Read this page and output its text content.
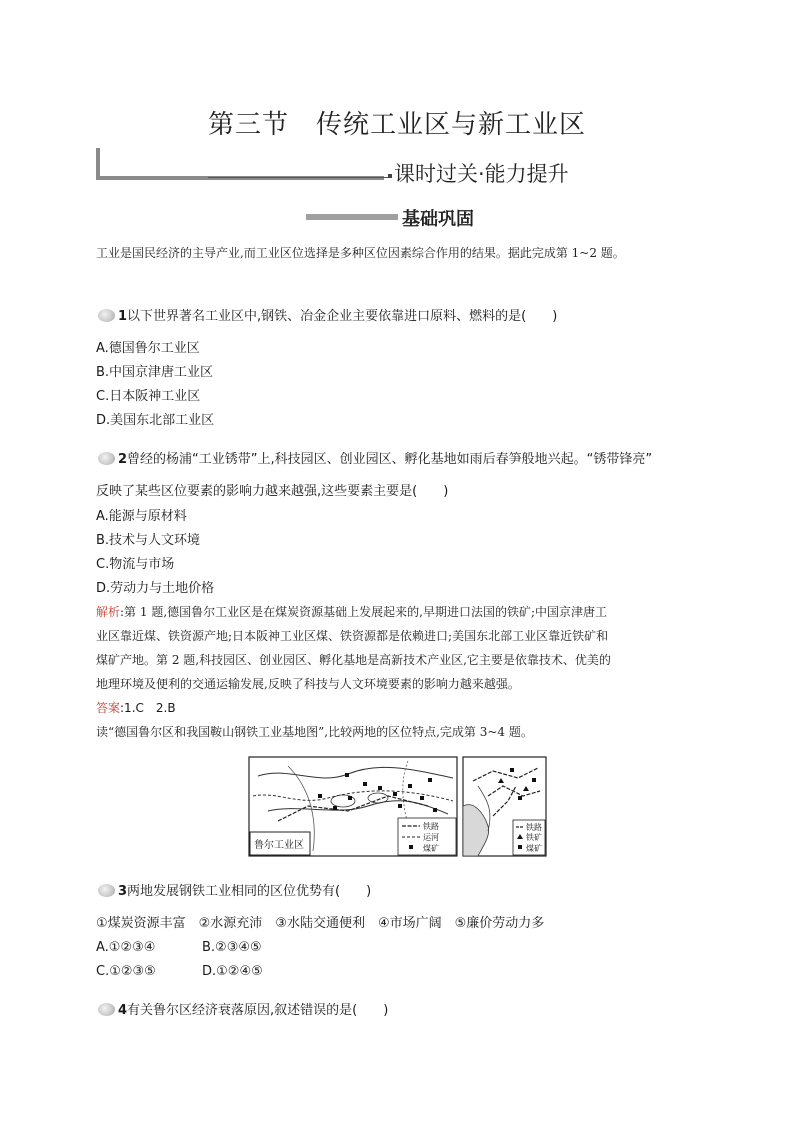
第三节　传统工业区与新工业区
课时过关·能力提升
基础巩固
工业是国民经济的主导产业,而工业区位选择是多种区位因素综合作用的结果。据此完成第 1~2 题。
1以下世界著名工业区中,钢铁、冶金企业主要依靠进口原料、燃料的是(　　)
A.德国鲁尔工业区
B.中国京津唐工业区
C.日本阪神工业区
D.美国东北部工业区
2曾经的杨浦“工业锈带”上,科技园区、创业园区、孵化基地如雨后春笋般地兴起。“锈带锋亮”
反映了某些区位要素的影响力越来越强,这些要素主要是(　　)
A.能源与原材料
B.技术与人文环境
C.物流与市场
D.劳动力与土地价格
解析:第 1 题,德国鲁尔工业区是在煤炭资源基础上发展起来的,早期进口法国的铁矿;中国京津唐工
业区靠近煤、铁资源产地;日本阪神工业区煤、铁资源都是依赖进口;美国东北部工业区靠近铁矿和
煤矿产地。第 2 题,科技园区、创业园区、孵化基地是高新技术产业区,它主要是依靠技术、优美的
地理环境及便利的交通运输发展,反映了科技与人文环境要素的影响力越来越强。
答案:1.C　2.B
读“德国鲁尔区和我国鞍山钢铁工业基地图”,比较两地的区位特点,完成第 3~4 题。
鲁尔工业区
铁路
运河
煤矿
铁路
铁矿
煤矿
3两地发展钢铁工业相同的区位优势有(　　)
①煤炭资源丰富　②水源充沛　③水陆交通便利　④市场广阔　⑤廉价劳动力多
A.①②③④	B.②③④⑤
C.①②③⑤	D.①②④⑤
4有关鲁尔区经济衰落原因,叙述错误的是(　　)
